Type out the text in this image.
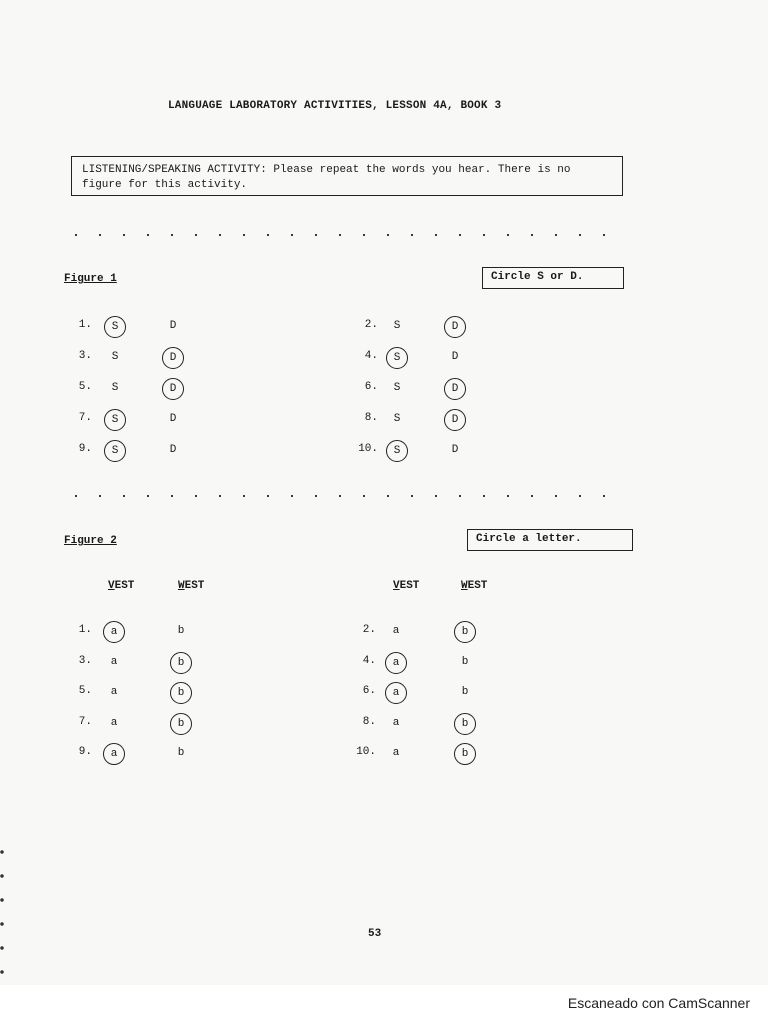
LANGUAGE LABORATORY ACTIVITIES, LESSON 4A, BOOK 3
LISTENING/SPEAKING ACTIVITY: Please repeat the words you hear. There is no figure for this activity.
Figure 1	Circle S or D.
1.	S	D	2.	S	D
3.	S	D	4.	S	D
5.	S	D	6.	S	D
7.	S	D	8.	S	D
9.	S	D	10.	S	D
Figure 2	Circle a letter.
VEST	WEST	VEST	WEST
1.	a	b	2.	a	b
3.	a	b	4.	a	b
5.	a	b	6.	a	b
7.	a	b	8.	a	b
9.	a	b	10.	a	b
53
Escaneado con CamScanner
